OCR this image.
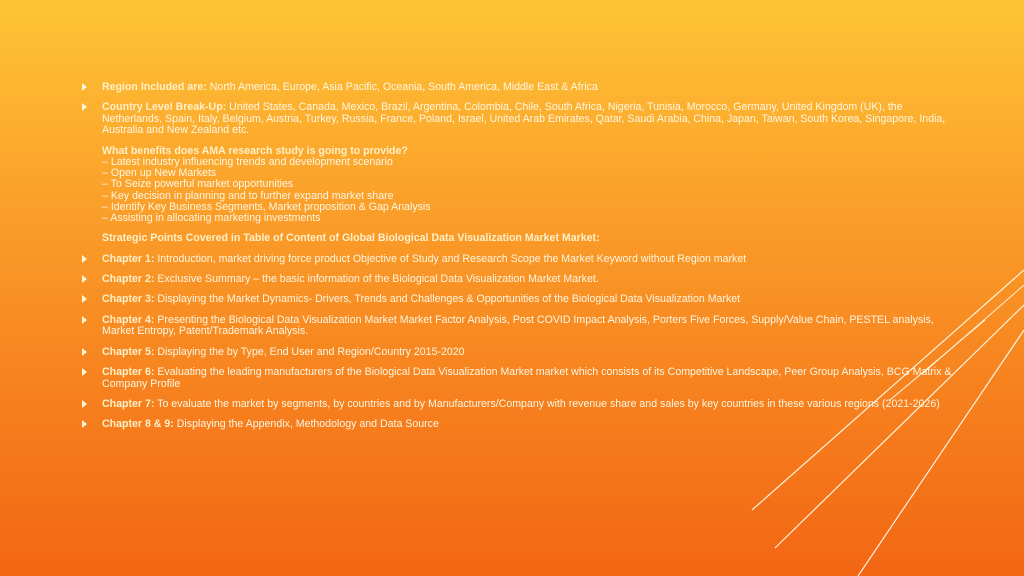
Region Included are: North America, Europe, Asia Pacific, Oceania, South America, Middle East & Africa
Country Level Break-Up: United States, Canada, Mexico, Brazil, Argentina, Colombia, Chile, South Africa, Nigeria, Tunisia, Morocco, Germany, United Kingdom (UK), the Netherlands, Spain, Italy, Belgium, Austria, Turkey, Russia, France, Poland, Israel, United Arab Emirates, Qatar, Saudi Arabia, China, Japan, Taiwan, South Korea, Singapore, India, Australia and New Zealand etc.
What benefits does AMA research study is going to provide?
– Latest industry influencing trends and development scenario
– Open up New Markets
– To Seize powerful market opportunities
– Key decision in planning and to further expand market share
– Identify Key Business Segments, Market proposition & Gap Analysis
– Assisting in allocating marketing investments
Strategic Points Covered in Table of Content of Global Biological Data Visualization Market Market:
Chapter 1: Introduction, market driving force product Objective of Study and Research Scope the Market Keyword without Region market
Chapter 2: Exclusive Summary – the basic information of the Biological Data Visualization Market Market.
Chapter 3: Displaying the Market Dynamics- Drivers, Trends and Challenges & Opportunities of the Biological Data Visualization Market
Chapter 4: Presenting the Biological Data Visualization Market Market Factor Analysis, Post COVID Impact Analysis, Porters Five Forces, Supply/Value Chain, PESTEL analysis, Market Entropy, Patent/Trademark Analysis.
Chapter 5: Displaying the by Type, End User and Region/Country 2015-2020
Chapter 6: Evaluating the leading manufacturers of the Biological Data Visualization Market market which consists of its Competitive Landscape, Peer Group Analysis, BCG Matrix & Company Profile
Chapter 7: To evaluate the market by segments, by countries and by Manufacturers/Company with revenue share and sales by key countries in these various regions (2021-2026)
Chapter 8 & 9: Displaying the Appendix, Methodology and Data Source
